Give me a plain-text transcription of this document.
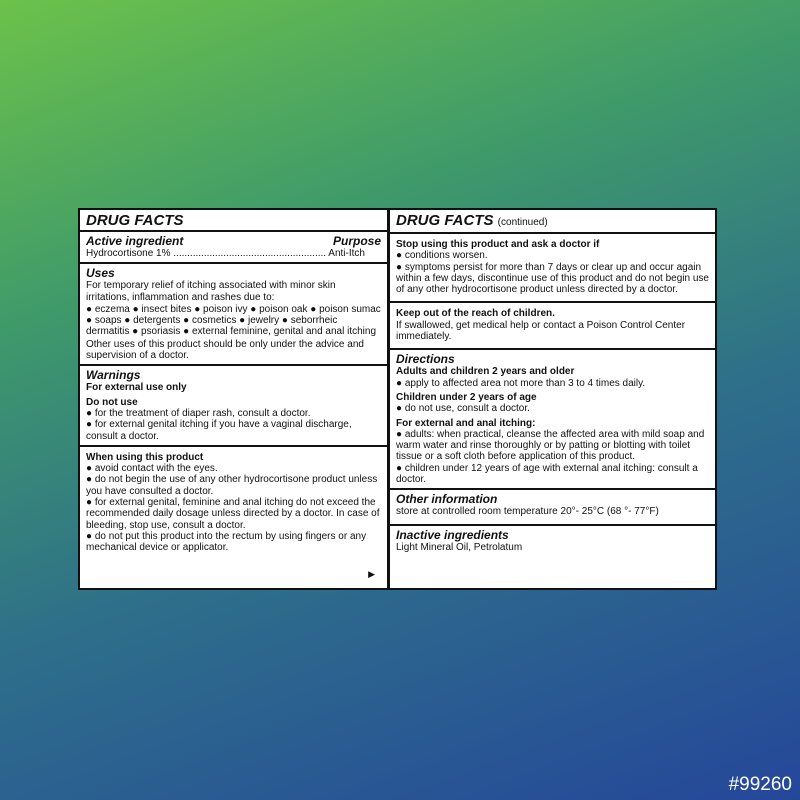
DRUG FACTS
Active ingredient	Purpose

Hydrocortisone 1% ....................................................... Anti-Itch

Uses

For temporary relief of itching associated with minor skin irritations, inflammation and rashes due to:

● eczema ● insect bites ● poison ivy ● poison oak ● poison sumac ● soaps ● detergents ● cosmetics ● jewelry ● seborrheic dermatitis ● psoriasis ● external feminine, genital and anal itching

Other uses of this product should be only under the advice and supervision of a doctor.

Warnings
For external use only
Do not use

● for the treatment of diaper rash, consult a doctor.

● for external genital itching if you have a vaginal discharge, consult a doctor.

When using this product

● avoid contact with the eyes.

● do not begin the use of any other hydrocortisone product unless you have consulted a doctor.

● for external genital, feminine and anal itching do not exceed the recommended daily dosage unless directed by a doctor. In case of bleeding, stop use, consult a doctor.

● do not put this product into the rectum by using fingers or any mechanical device or applicator.

▶
DRUG FACTS (continued)
Stop using this product and ask a doctor if

● conditions worsen.

● symptoms persist for more than 7 days or clear up and occur again within a few days, discontinue use of this product and do not begin use of any other hydrocortisone product unless directed by a doctor.

Keep out of the reach of children.

If swallowed, get medical help or contact a Poison Control Center immediately.

Directions
Adults and children 2 years and older

● apply to affected area not more than 3 to 4 times daily.

Children under 2 years of age

● do not use, consult a doctor.

For external and anal itching:

● adults: when practical, cleanse the affected area with mild soap and warm water and rinse thoroughly or by patting or blotting with toilet tissue or a soft cloth before application of this product.

● children under 12 years of age with external anal itching: consult a doctor.

Other information

store at controlled room temperature 20°- 25°C (68 °- 77°F)

Inactive ingredients

Light Mineral Oil, Petrolatum

#99260
